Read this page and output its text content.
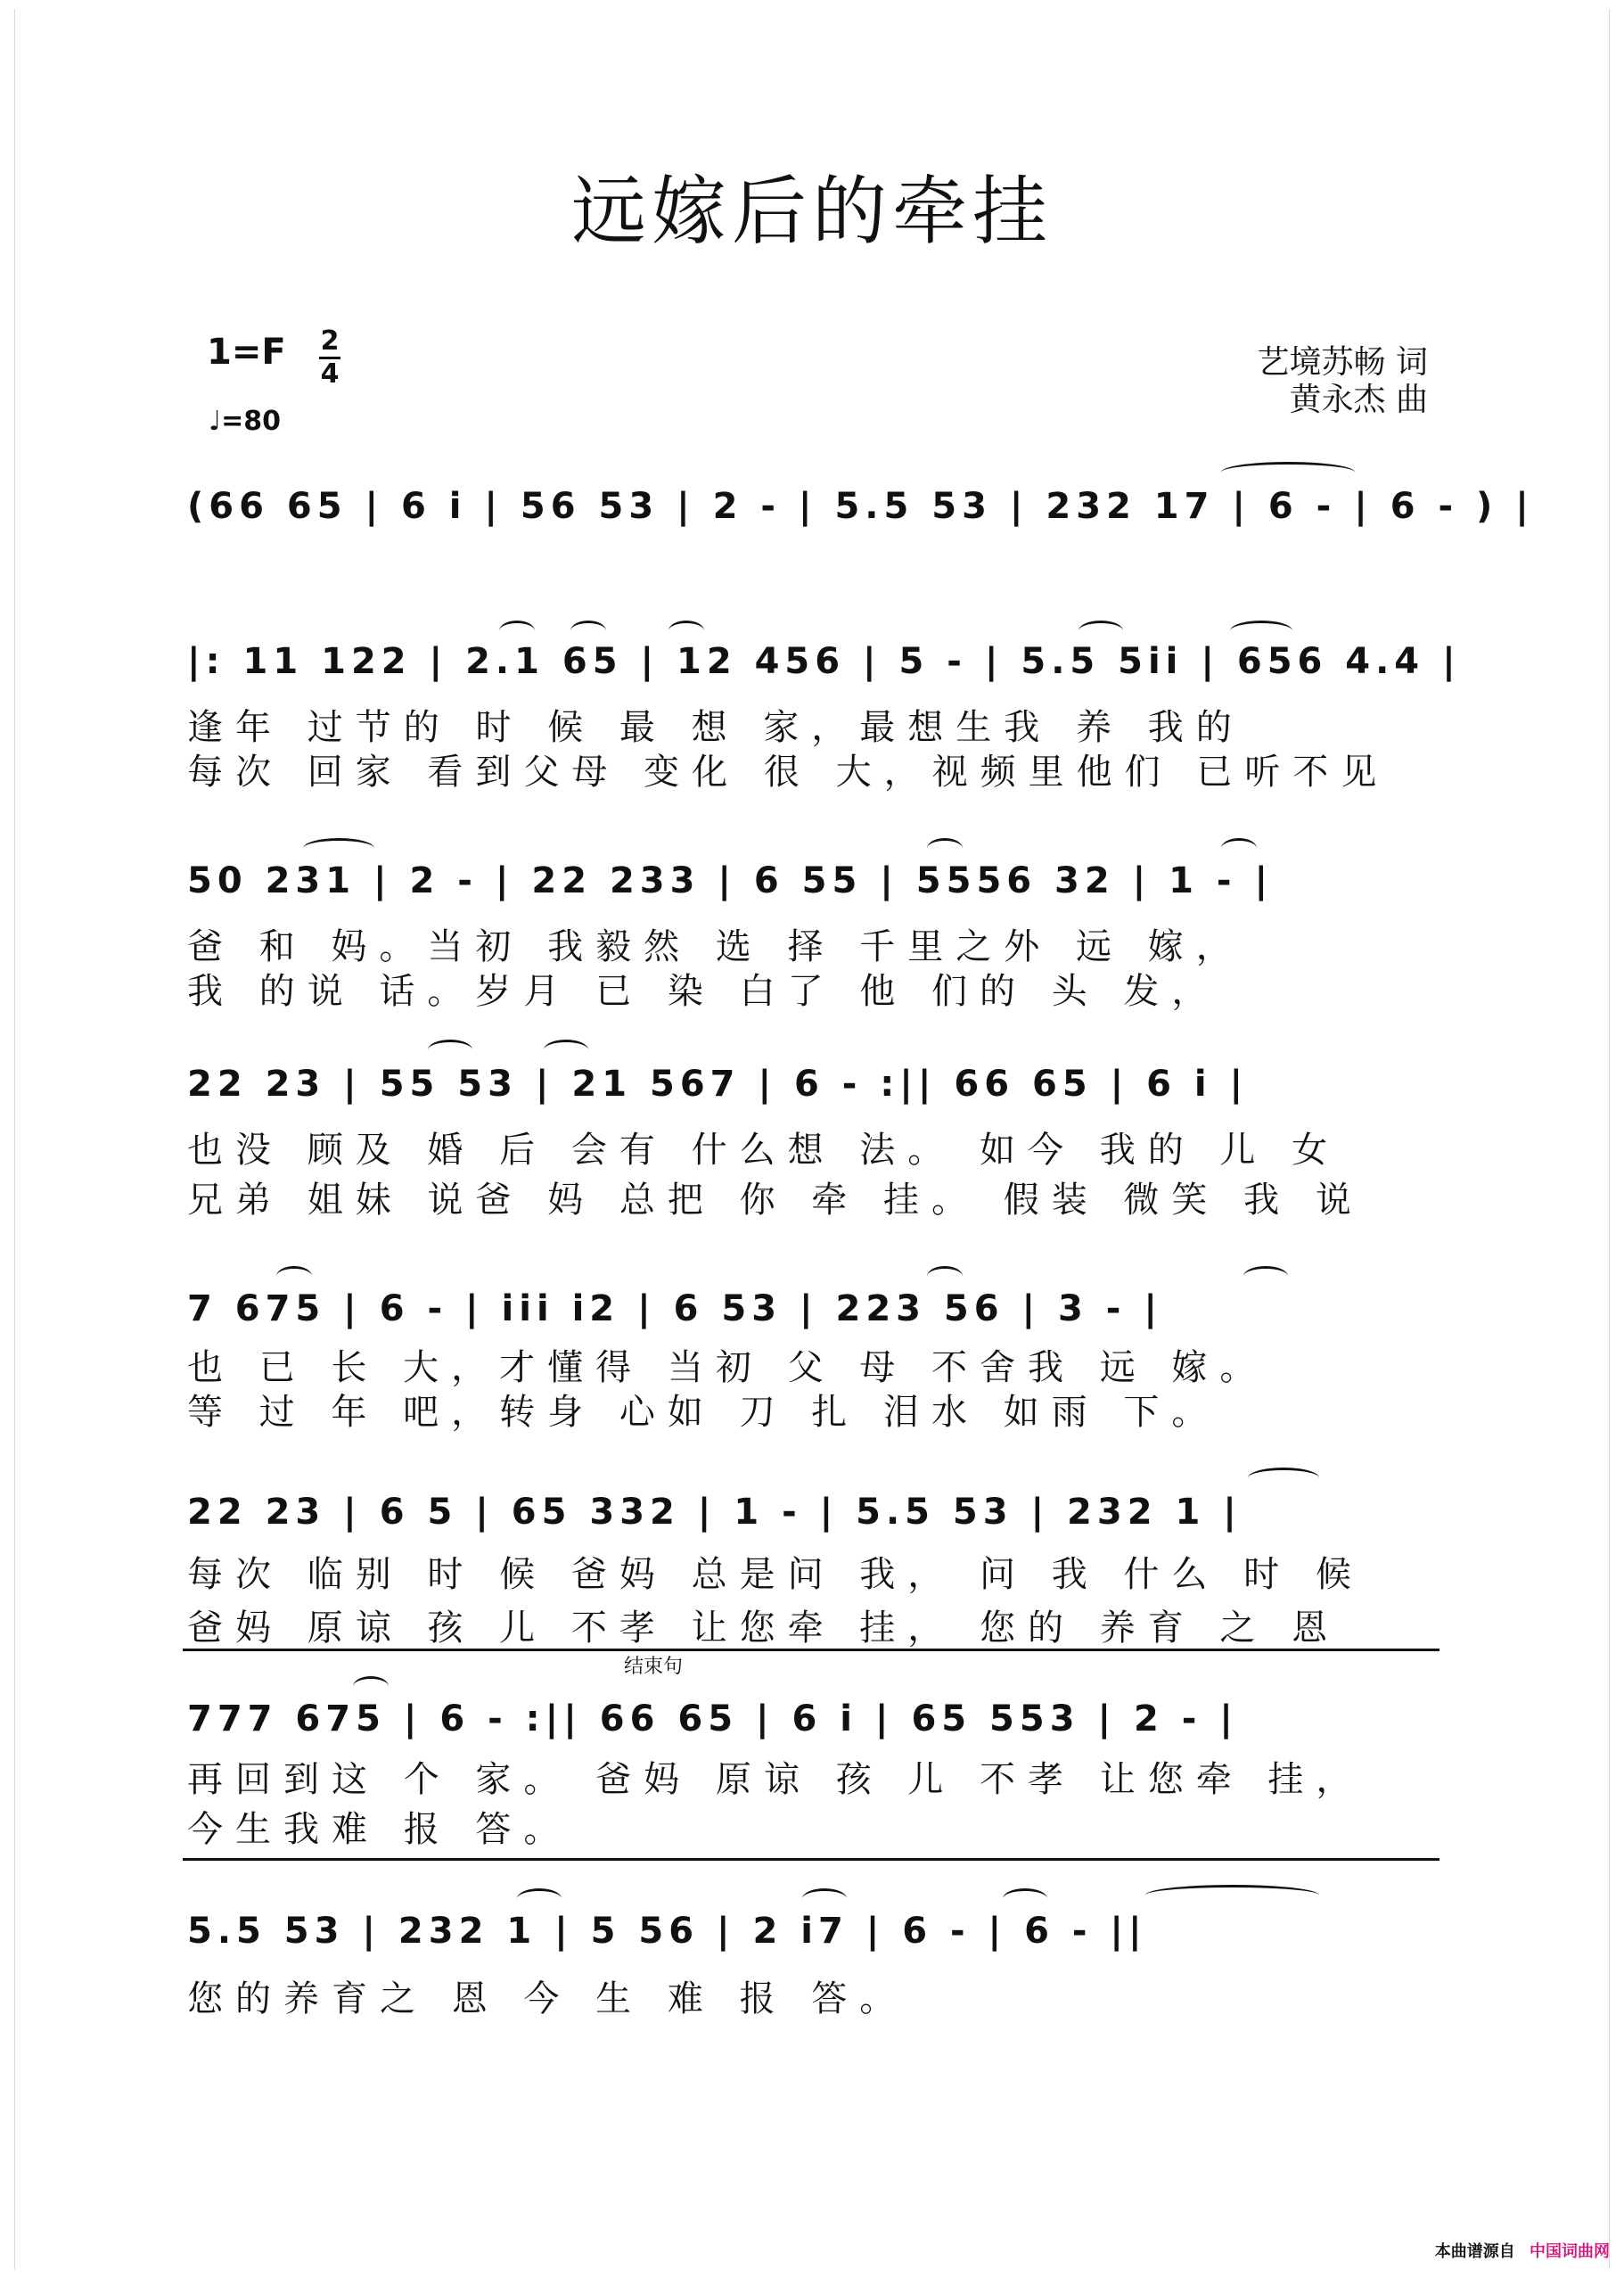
远嫁后的牵挂
1=F 2
4
♩=80
艺境苏畅 词
黄永杰 曲
(66 65 | 6 i | 56 53 | 2 - | 5.5 53 | 232 17 | 6 - | 6 - ) |
|: 11 122 | 2.1 65 | 12 456 | 5 - | 5.5 5ii | 656 4.4 |
逢年 过节的 时 候 最 想 家，最想生我 养 我的
每次 回家 看到父母 变化 很 大，视频里他们 已听不见
50 231 | 2 - | 22 233 | 6 55 | 5556 32 | 1 - |
爸 和 妈。当初 我毅然 选 择 千里之外 远 嫁，
我 的说 话。岁月 已 染 白了 他 们的 头 发，
22 23 | 55 53 | 21 567 | 6 - :|| 66 65 | 6 i |
也没 顾及 婚 后 会有 什么想 法。 如今 我的 儿 女
兄弟 姐妹 说爸 妈 总把 你 牵 挂。 假装 微笑 我 说
7 675 | 6 - | iii i2 | 6 53 | 223 56 | 3 - |
也 已 长 大，才懂得 当初 父 母 不舍我 远 嫁。
等 过 年 吧，转身 心如 刀 扎 泪水 如雨 下。
22 23 | 6 5 | 65 332 | 1 - | 5.5 53 | 232 1 |
每次 临别 时 候 爸妈 总是问 我， 问 我 什么 时 候
爸妈 原谅 孩 儿 不孝 让您牵 挂， 您的 养育 之 恩
结束句
777 675 | 6 - :|| 66 65 | 6 i | 65 553 | 2 - |
再回到这 个 家。 爸妈 原谅 孩 儿 不孝 让您牵 挂，
今生我难 报 答。
5.5 53 | 232 1 | 5 56 | 2 i7 | 6 - | 6 - ||
您的养育之 恩 今 生 难 报 答。
本曲谱源自 中国词曲网
